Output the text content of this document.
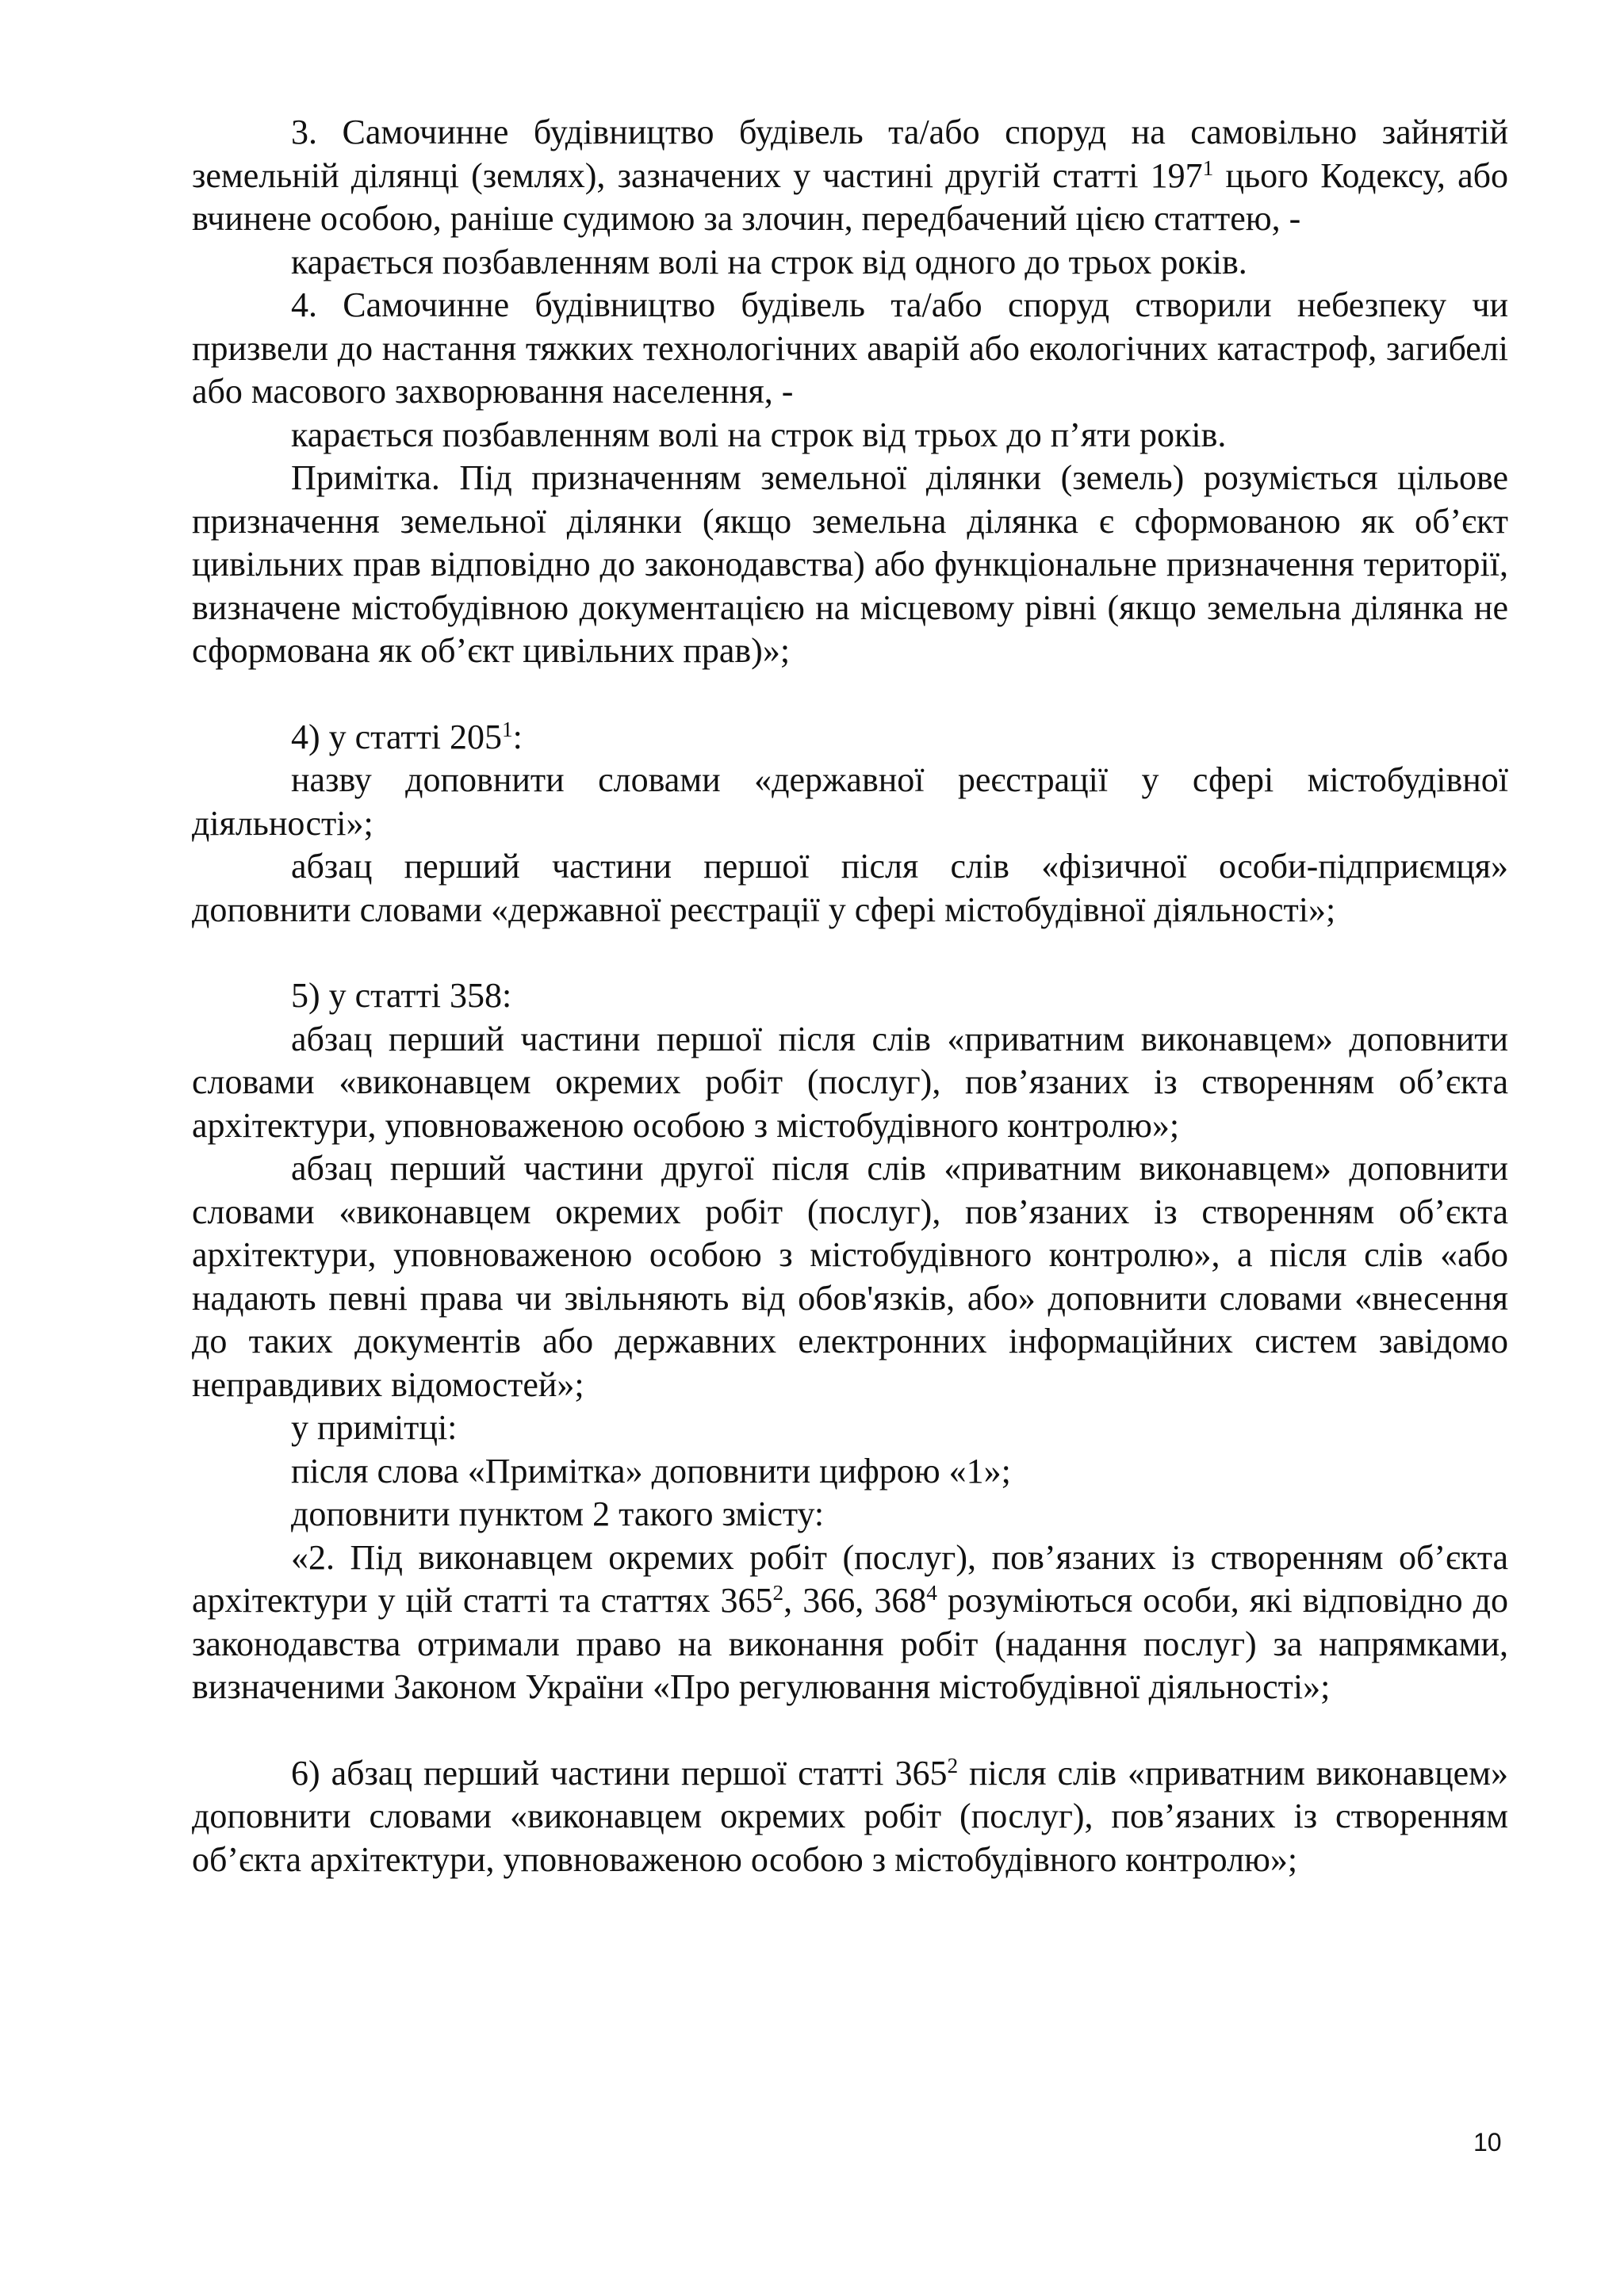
3. Самочинне будівництво будівель та/або споруд на самовільно зайнятій земельній ділянці (землях), зазначених у частині другій статті $197^1$ цього Кодексу, або вчинене особою, раніше судимою за злочин, передбачений цією статтею, -

карається позбавленням волі на строк від одного до трьох років.

4. Самочинне будівництво будівель та/або споруд створили небезпеку чи призвели до настання тяжких технологічних аварій або екологічних катастроф, загибелі або масового захворювання населення, -

карається позбавленням волі на строк від трьох до п’яти років.

Примітка. Під призначенням земельної ділянки (земель) розуміється цільове призначення земельної ділянки (якщо земельна ділянка є сформованою як об’єкт цивільних прав відповідно до законодавства) або функціональне призначення території, визначене містобудівною документацією на місцевому рівні (якщо земельна ділянка не сформована як об’єкт цивільних прав)»;

4) у статті $205^1$:

назву доповнити словами «державної реєстрації у сфері містобудівної діяльності»;

абзац перший частини першої після слів «фізичної особи-підприємця» доповнити словами «державної реєстрації у сфері містобудівної діяльності»;

5) у статті 358:

абзац перший частини першої після слів «приватним виконавцем» доповнити словами «виконавцем окремих робіт (послуг), пов’язаних із створенням об’єкта архітектури, уповноваженою особою з містобудівного контролю»;

абзац перший частини другої після слів «приватним виконавцем» доповнити словами «виконавцем окремих робіт (послуг), пов’язаних із створенням об’єкта архітектури, уповноваженою особою з містобудівного контролю», а після слів «або надають певні права чи звільняють від обов'язків, або» доповнити словами «внесення до таких документів або державних електронних інформаційних систем завідомо неправдивих відомостей»;

у примітці:

після слова «Примітка» доповнити цифрою «1»;

доповнити пунктом 2 такого змісту:

«2. Під виконавцем окремих робіт (послуг), пов’язаних із створенням об’єкта архітектури у цій статті та статтях $365^2$, 366, $368^4$ розуміються особи, які відповідно до законодавства отримали право на виконання робіт (надання послуг) за напрямками, визначеними Законом України «Про регулювання містобудівної діяльності»;

6) абзац перший частини першої статті $365^2$ після слів «приватним виконавцем» доповнити словами «виконавцем окремих робіт (послуг), пов’язаних із створенням об’єкта архітектури, уповноваженою особою з містобудівного контролю»;

10
